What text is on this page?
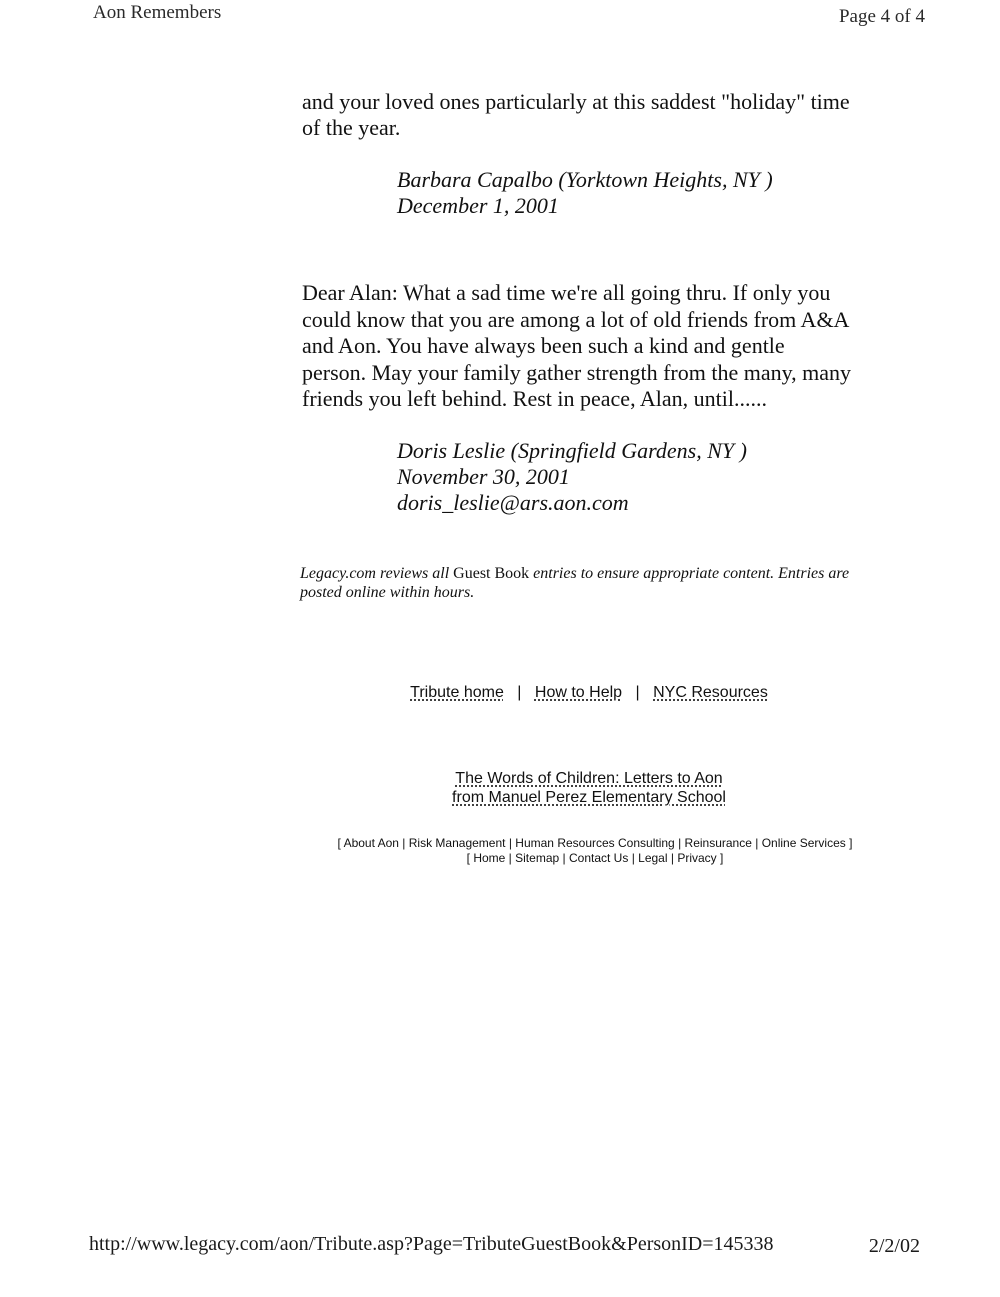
Aon Remembers	Page 4 of 4
and your loved ones particularly at this saddest "holiday" time
of the year.
Barbara Capalbo (Yorktown Heights, NY )
December 1, 2001
Dear Alan: What a sad time we're all going thru. If only you
could know that you are among a lot of old friends from A&A
and Aon. You have always been such a kind and gentle
person. May your family gather strength from the many, many
friends you left behind. Rest in peace, Alan, until......
Doris Leslie (Springfield Gardens, NY )
November 30, 2001
doris_leslie@ars.aon.com
Legacy.com reviews all Guest Book entries to ensure appropriate content. Entries are
posted online within hours.
Tribute home | How to Help | NYC Resources
The Words of Children: Letters to Aon
from Manuel Perez Elementary School
[ About Aon | Risk Management | Human Resources Consulting | Reinsurance | Online Services ]
[ Home | Sitemap | Contact Us | Legal | Privacy ]
http://www.legacy.com/aon/Tribute.asp?Page=TributeGuestBook&PersonID=145338	2/2/02
